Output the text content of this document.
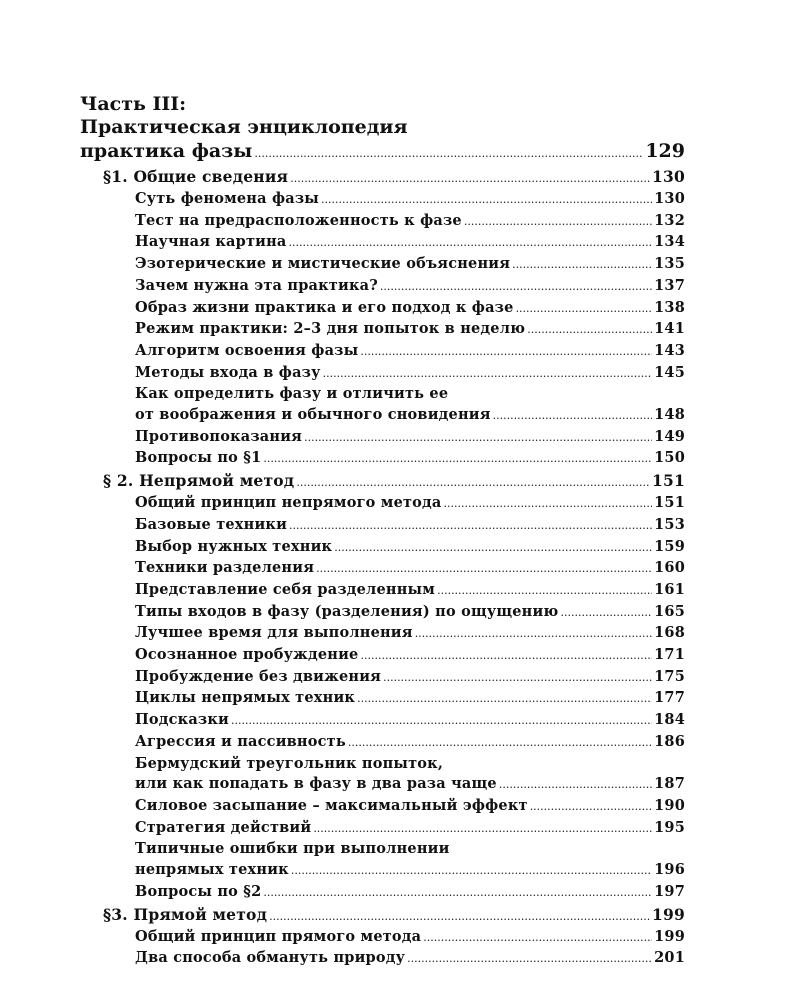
Часть III:
Практическая энциклопедия
практика фазы .....	129
§1. Общие сведения .....	130
Суть феномена фазы .....	130
Тест на предрасположенность к фазе .....	132
Научная картина .....	134
Эзотерические и мистические объяснения .....	135
Зачем нужна эта практика? .....	137
Образ жизни практика и его подход к фазе .....	138
Режим практики: 2–3 дня попыток в неделю .....	141
Алгоритм освоения фазы .....	143
Методы входа в фазу .....	145
Как определить фазу и отличить ее
от воображения и обычного сновидения .....	148
Противопоказания .....	149
Вопросы по §1 .....	150
§ 2. Непрямой метод .....	151
Общий принцип непрямого метода .....	151
Базовые техники .....	153
Выбор нужных техник .....	159
Техники разделения .....	160
Представление себя разделенным .....	161
Типы входов в фазу (разделения) по ощущению .....	165
Лучшее время для выполнения .....	168
Осознанное пробуждение .....	171
Пробуждение без движения .....	175
Циклы непрямых техник .....	177
Подсказки .....	184
Агрессия и пассивность .....	186
Бермудский треугольник попыток,
или как попадать в фазу в два раза чаще .....	187
Силовое засыпание – максимальный эффект .....	190
Стратегия действий .....	195
Типичные ошибки при выполнении
непрямых техник .....	196
Вопросы по §2 .....	197
§3. Прямой метод .....	199
Общий принцип прямого метода .....	199
Два способа обмануть природу .....	201
